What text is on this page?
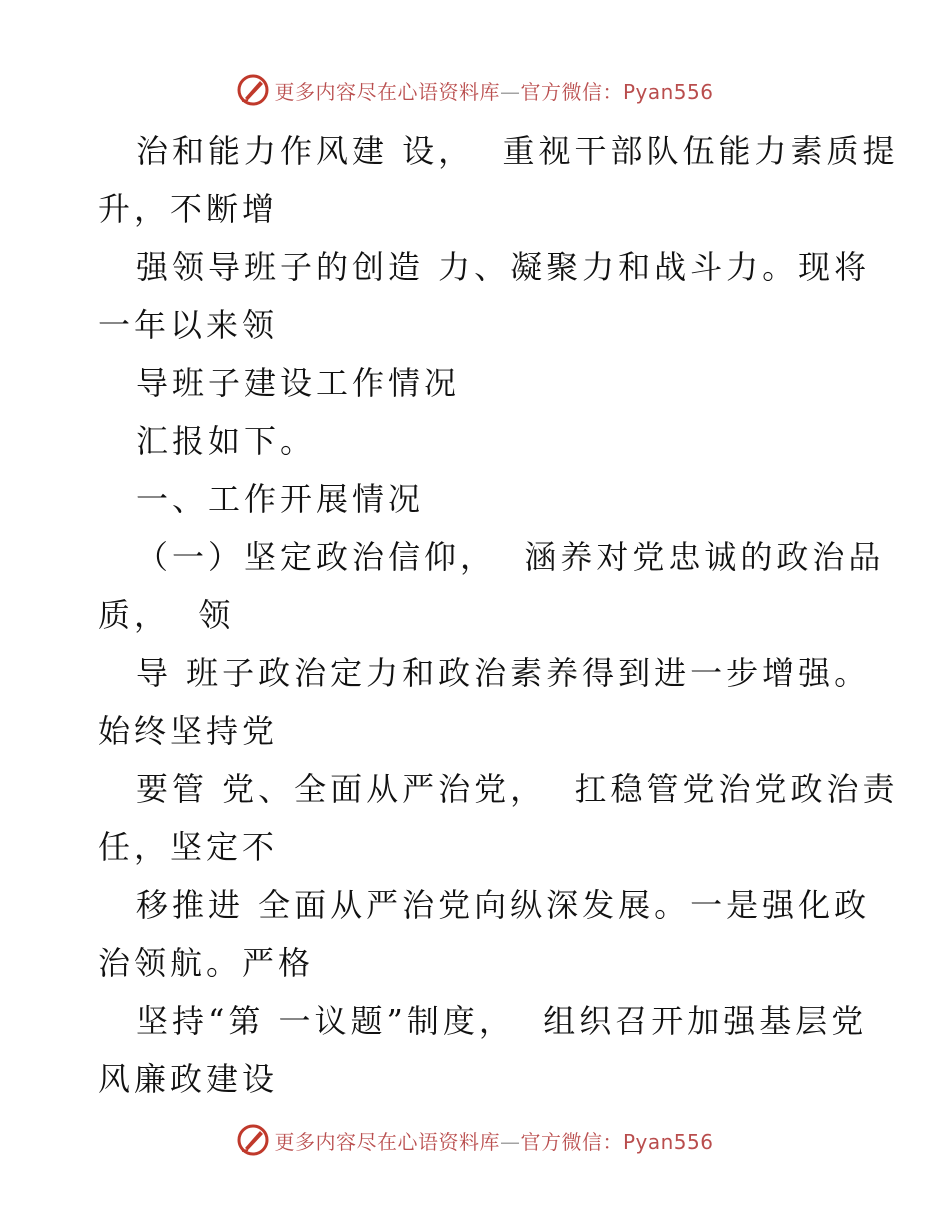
更多内容尽在心语资料库—官方微信：Pyan556
治和能力作风建 设，  重视干部队伍能力素质提
升，不断增
强领导班子的创造 力、凝聚力和战斗力。现将
一年以来领
导班子建设工作情况
汇报如下。
一、工作开展情况
（一）坚定政治信仰，  涵养对党忠诚的政治品
质，  领
导 班子政治定力和政治素养得到进一步增强。
始终坚持党
要管 党、全面从严治党，  扛稳管党治党政治责
任，坚定不
移推进 全面从严治党向纵深发展。一是强化政
治领航。严格
坚持“第 一议题”制度，  组织召开加强基层党
风廉政建设
更多内容尽在心语资料库—官方微信：Pyan556
